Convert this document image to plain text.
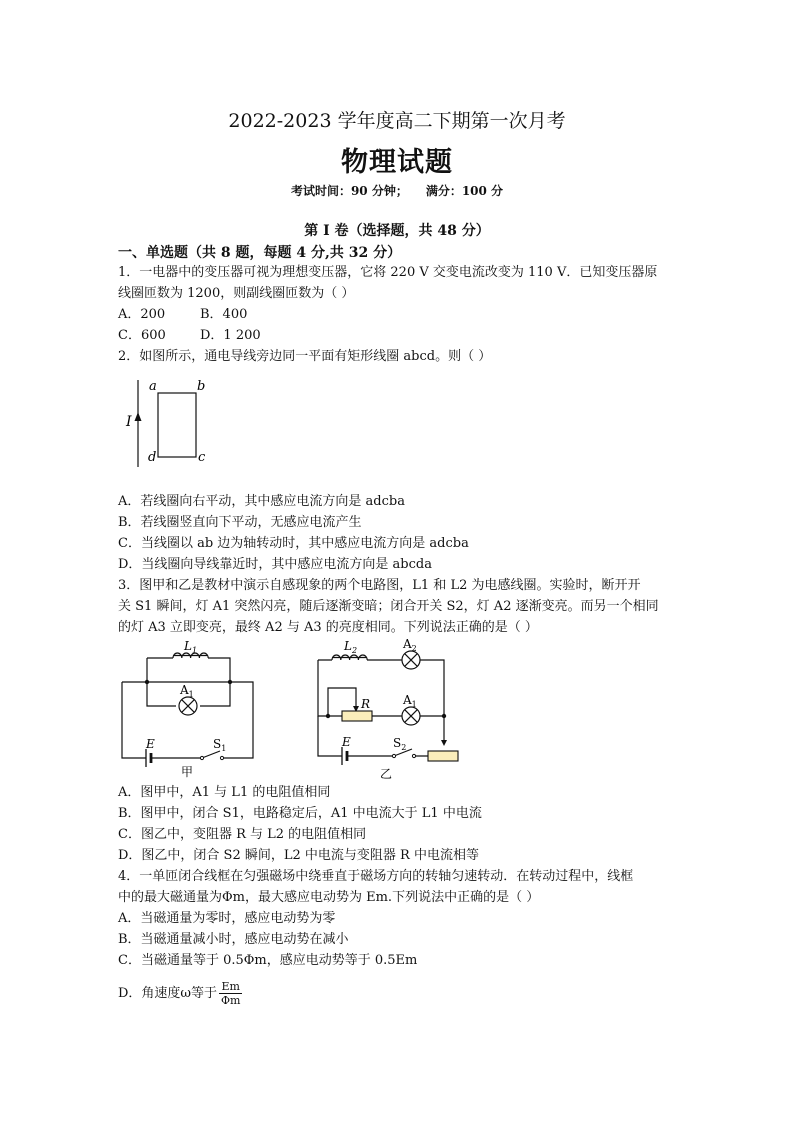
2022-2023 学年度高二下期第一次月考
物理试题
考试时间：90 分钟； 满分：100 分
第 I 卷（选择题，共 48 分）
一、单选题（共 8 题，每题 4 分,共 32 分）
1．一电器中的变压器可视为理想变压器，它将 220 V 交变电流改变为 110 V．已知变压器原
线圈匝数为 1200，则副线圈匝数为（ ）
A．200	B．400
C．600	D．1 200
2．如图所示，通电导线旁边同一平面有矩形线圈 abcd。则（ ）
I
a	b
c
d
A．若线圈向右平动，其中感应电流方向是 adcba
B．若线圈竖直向下平动，无感应电流产生
C．当线圈以 ab 边为轴转动时，其中感应电流方向是 adcba
D．当线圈向导线靠近时，其中感应电流方向是 abcda
3．图甲和乙是教材中演示自感现象的两个电路图，L1 和 L2 为电感线圈。实验时，断开开
关 S1 瞬间，灯 A1 突然闪亮，随后逐渐变暗；闭合开关 S2，灯 A2 逐渐变亮。而另一个相同
的灯 A3 立即变亮，最终 A2 与 A3 的亮度相同。下列说法正确的是（ ）
$L_1$
$A_1$
E	$S_1$
甲
$L_2$	$A_2$
R	$A_1$
E	$S_2$
乙
A．图甲中，A1 与 L1 的电阻值相同
B．图甲中，闭合 S1，电路稳定后，A1 中电流大于 L1 中电流
C．图乙中，变阻器 R 与 L2 的电阻值相同
D．图乙中，闭合 S2 瞬间，L2 中电流与变阻器 R 中电流相等
4．一单匝闭合线框在匀强磁场中绕垂直于磁场方向的转轴匀速转动．在转动过程中，线框
中的最大磁通量为Φm，最大感应电动势为 Em.下列说法中正确的是（ ）
A．当磁通量为零时，感应电动势为零
B．当磁通量减小时，感应电动势在减小
C．当磁通量等于 0.5Φm，感应电动势等于 0.5Em
D．角速度ω等于 $\frac{Em}{\Phi m}$
